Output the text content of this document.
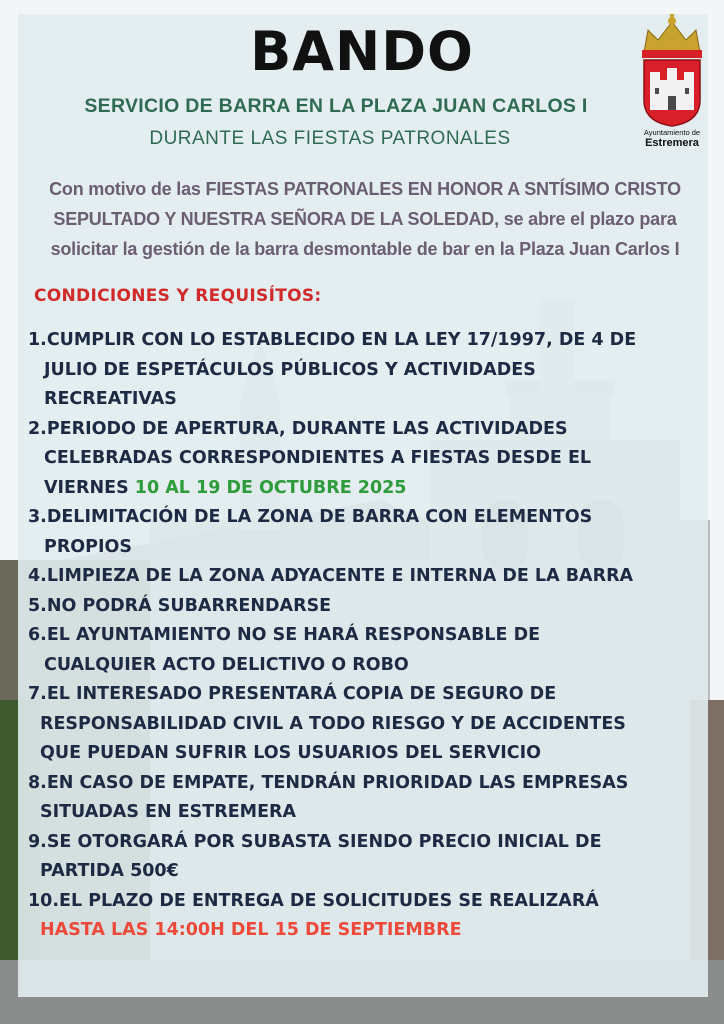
BANDO
Ayuntamiento de
Estremera
SERVICIO DE BARRA EN LA PLAZA JUAN CARLOS I
DURANTE LAS FIESTAS PATRONALES
Con motivo de las FIESTAS PATRONALES EN HONOR A SNTÍSIMO CRISTO SEPULTADO Y NUESTRA SEÑORA DE LA SOLEDAD, se abre el plazo para solicitar la gestión de la barra desmontable de bar en la Plaza Juan Carlos I
CONDICIONES Y REQUISÍTOS:
1.CUMPLIR CON LO ESTABLECIDO EN LA LEY 17/1997, DE 4 DE
JULIO DE ESPETÁCULOS PÚBLICOS Y ACTIVIDADES
RECREATIVAS
2.PERIODO DE APERTURA, DURANTE LAS ACTIVIDADES
CELEBRADAS CORRESPONDIENTES A FIESTAS DESDE EL
VIERNES 10 AL 19 DE OCTUBRE 2025
3.DELIMITACIÓN DE LA ZONA DE BARRA CON ELEMENTOS
PROPIOS
4.LIMPIEZA DE LA ZONA ADYACENTE E INTERNA DE LA BARRA
5.NO PODRÁ SUBARRENDARSE
6.EL AYUNTAMIENTO NO SE HARÁ RESPONSABLE DE
CUALQUIER ACTO DELICTIVO O ROBO
7.EL INTERESADO PRESENTARÁ COPIA DE SEGURO DE
RESPONSABILIDAD CIVIL A TODO RIESGO Y DE ACCIDENTES
QUE PUEDAN SUFRIR LOS USUARIOS DEL SERVICIO
8.EN CASO DE EMPATE, TENDRÁN PRIORIDAD LAS EMPRESAS
SITUADAS EN ESTREMERA
9.SE OTORGARÁ POR SUBASTA SIENDO PRECIO INICIAL DE
PARTIDA 500€
10.EL PLAZO DE ENTREGA DE SOLICITUDES SE REALIZARÁ
HASTA LAS 14:00H DEL 15 DE SEPTIEMBRE
